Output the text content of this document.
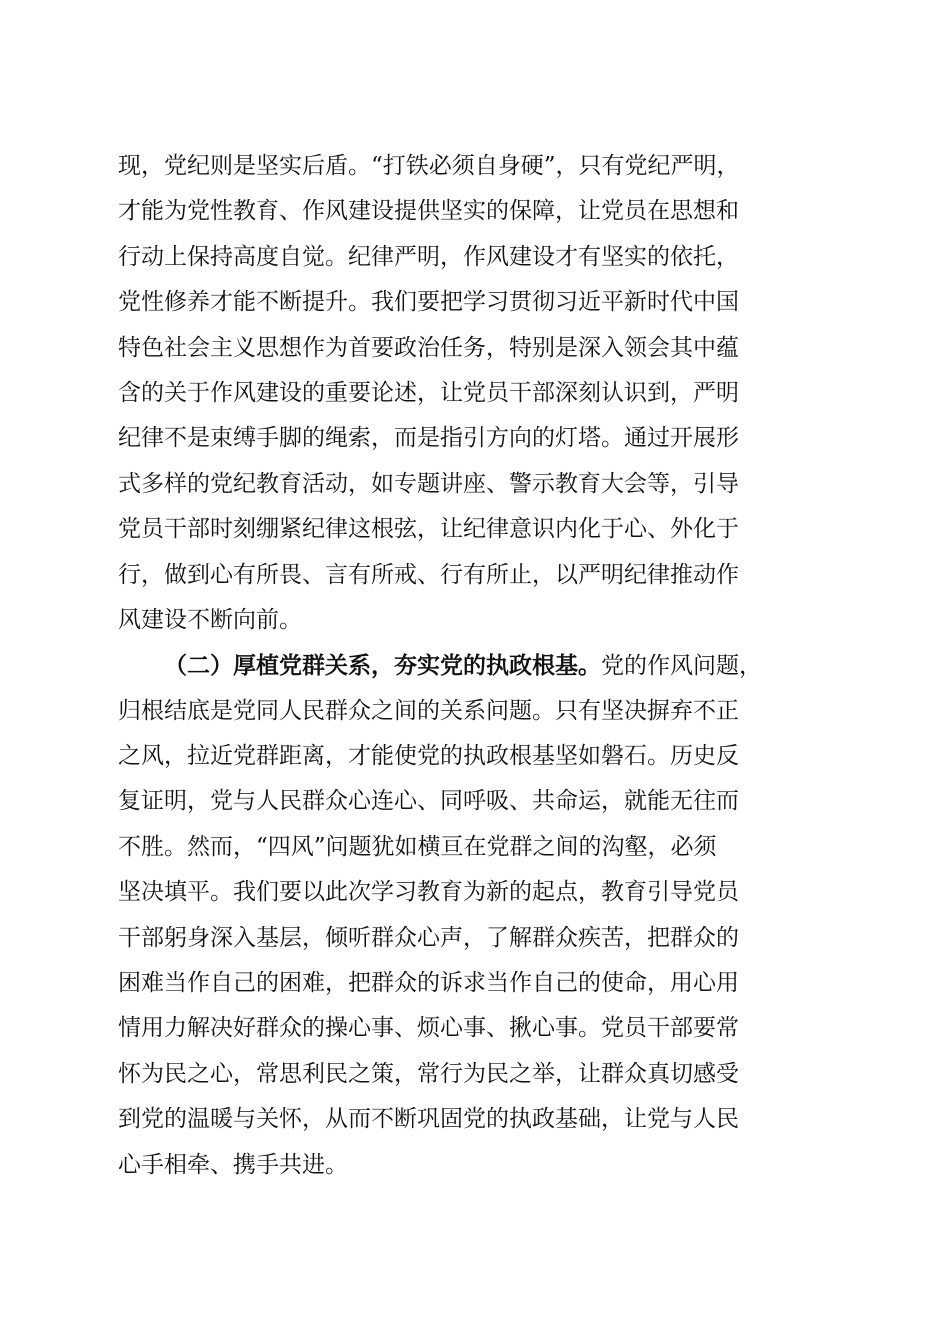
现，党纪则是坚实后盾。“打铁必须自身硬”，只有党纪严明，
才能为党性教育、作风建设提供坚实的保障，让党员在思想和
行动上保持高度自觉。纪律严明，作风建设才有坚实的依托，
党性修养才能不断提升。我们要把学习贯彻习近平新时代中国
特色社会主义思想作为首要政治任务，特别是深入领会其中蕴
含的关于作风建设的重要论述，让党员干部深刻认识到，严明
纪律不是束缚手脚的绳索，而是指引方向的灯塔。通过开展形
式多样的党纪教育活动，如专题讲座、警示教育大会等，引导
党员干部时刻绷紧纪律这根弦，让纪律意识内化于心、外化于
行，做到心有所畏、言有所戒、行有所止，以严明纪律推动作
风建设不断向前。
（二）厚植党群关系，夯实党的执政根基。党的作风问题，
归根结底是党同人民群众之间的关系问题。只有坚决摒弃不正
之风，拉近党群距离，才能使党的执政根基坚如磐石。历史反
复证明，党与人民群众心连心、同呼吸、共命运，就能无往而
不胜。然而，“四风”问题犹如横亘在党群之间的沟壑，必须
坚决填平。我们要以此次学习教育为新的起点，教育引导党员
干部躬身深入基层，倾听群众心声，了解群众疾苦，把群众的
困难当作自己的困难，把群众的诉求当作自己的使命，用心用
情用力解决好群众的操心事、烦心事、揪心事。党员干部要常
怀为民之心，常思利民之策，常行为民之举，让群众真切感受
到党的温暖与关怀，从而不断巩固党的执政基础，让党与人民
心手相牵、携手共进。
